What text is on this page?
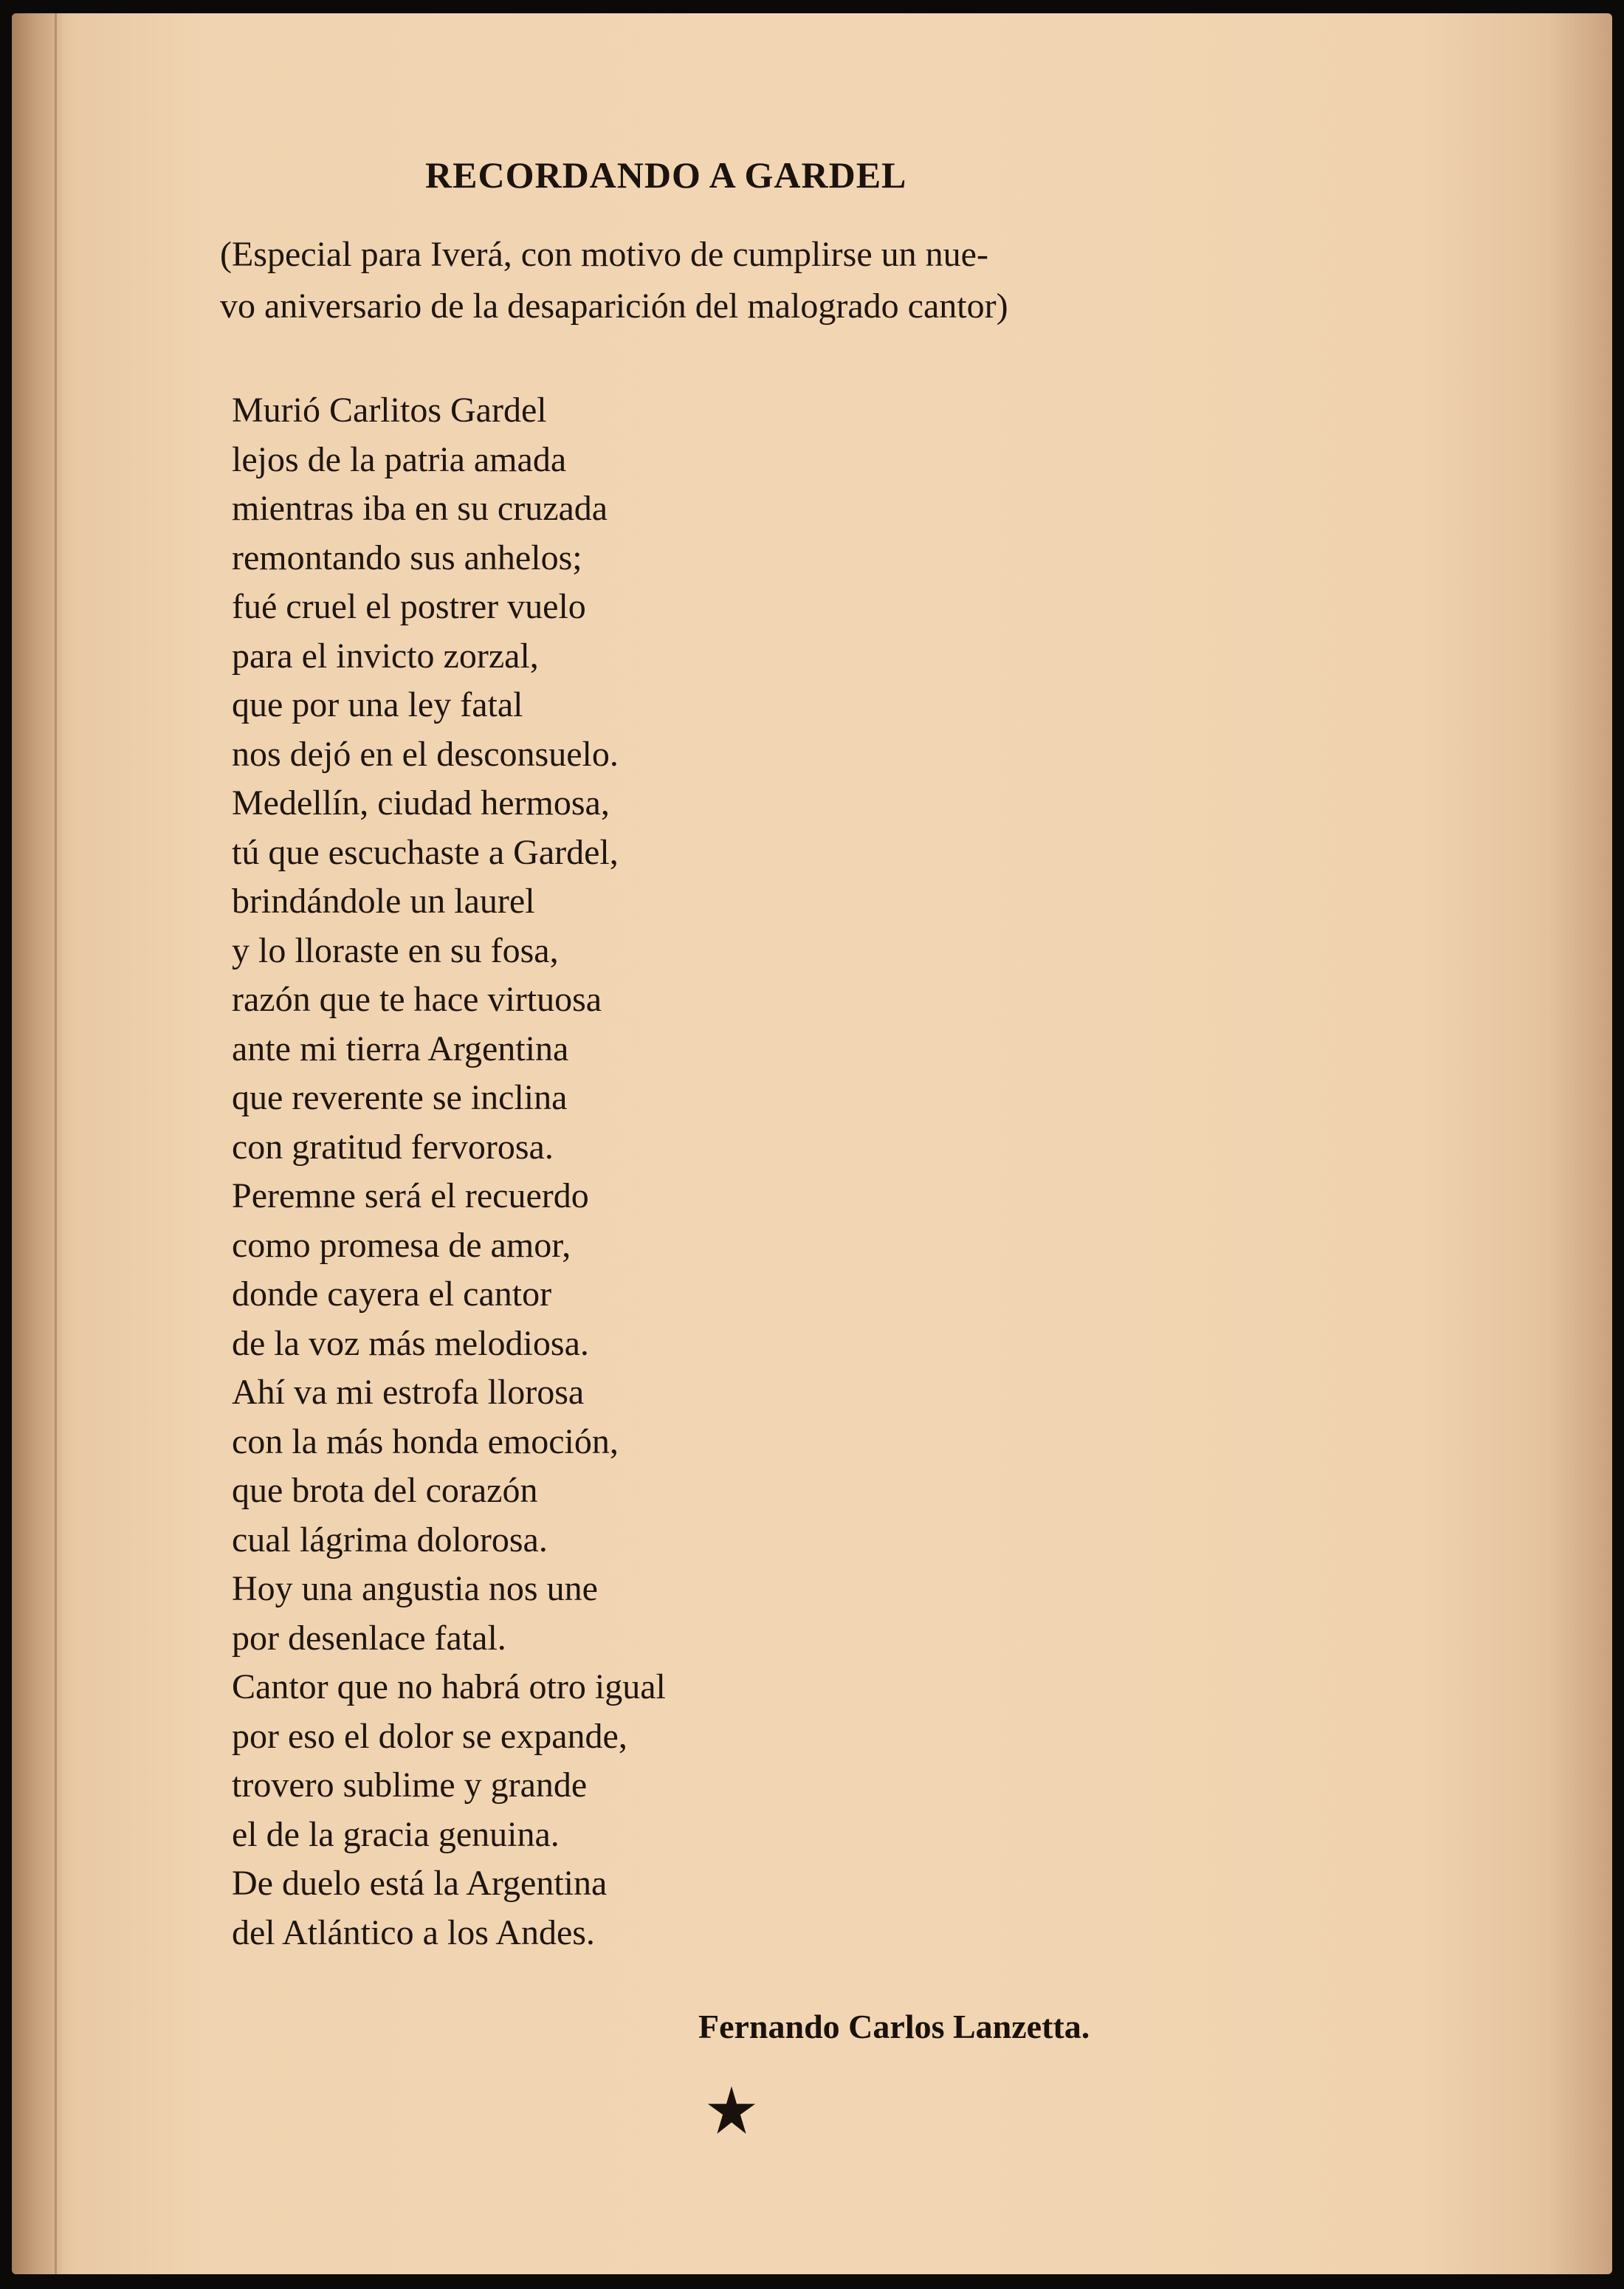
RECORDANDO A GARDEL

(Especial para Iverá, con motivo de cumplirse un nue-
vo aniversario de la desaparición del malogrado cantor)

Murió Carlitos Gardel
lejos de la patria amada
mientras iba en su cruzada
remontando sus anhelos;
fué cruel el postrer vuelo
para el invicto zorzal,
que por una ley fatal
nos dejó en el desconsuelo.
Medellín, ciudad hermosa,
tú que escuchaste a Gardel,
brindándole un laurel
y lo lloraste en su fosa,
razón que te hace virtuosa
ante mi tierra Argentina
que reverente se inclina
con gratitud fervorosa.
Peremne será el recuerdo
como promesa de amor,
donde cayera el cantor
de la voz más melodiosa.
Ahí va mi estrofa llorosa
con la más honda emoción,
que brota del corazón
cual lágrima dolorosa.
Hoy una angustia nos une
por desenlace fatal.
Cantor que no habrá otro igual
por eso el dolor se expande,
trovero sublime y grande
el de la gracia genuina.
De duelo está la Argentina
del Atlántico a los Andes.

Fernando Carlos Lanzetta.
